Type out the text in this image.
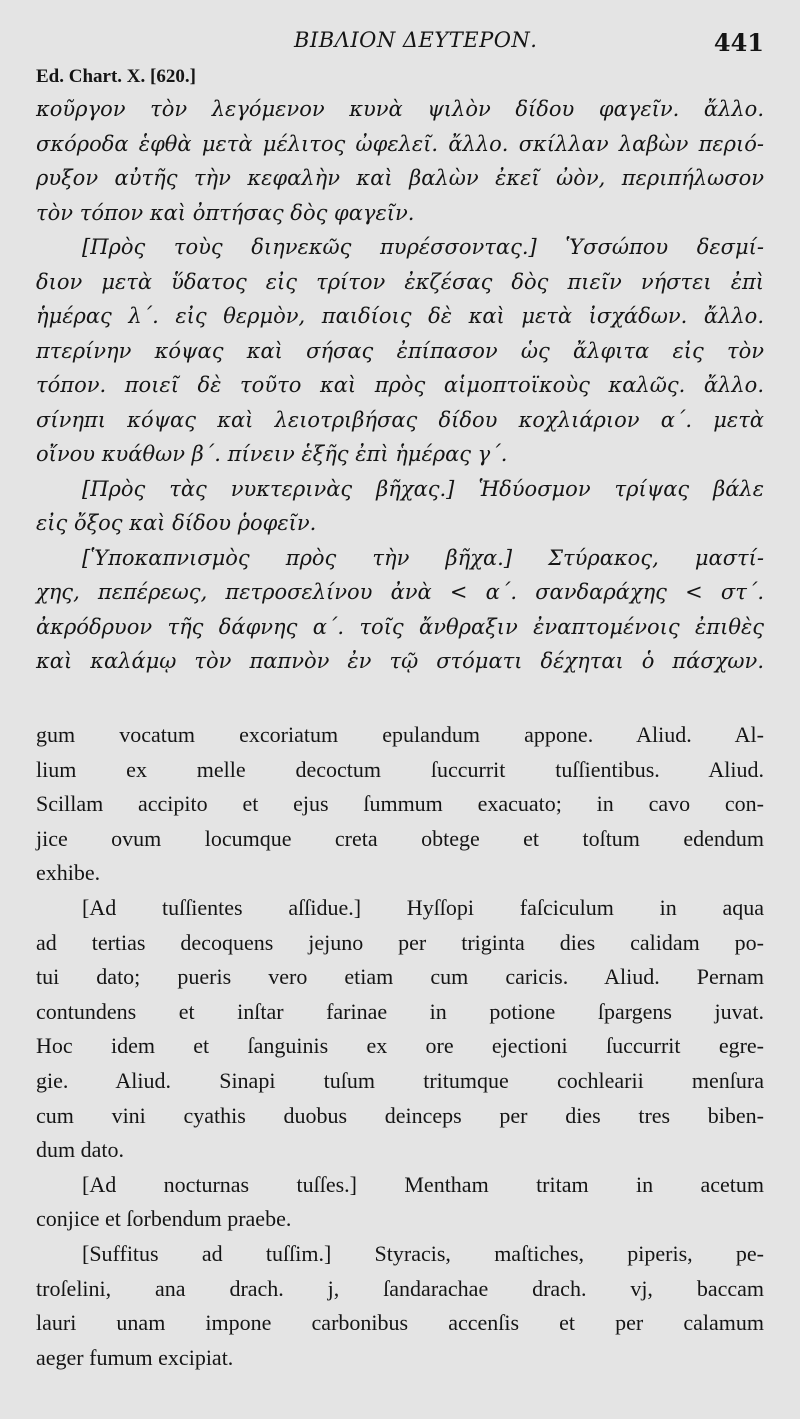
ΒΙΒΛΙΟΝ ΔΕΥΤΕΡΟΝ.	441
Ed. Chart. X. [620.]
κοῦργον τὸν λεγόμενον κυνὰ ψιλὸν δίδου φαγεῖν. ἄλλο.
σκόροδα ἑφθὰ μετὰ μέλιτος ὠφελεῖ. ἄλλο. σκίλλαν λαβὼν περιό-
ρυξον αὐτῆς τὴν κεφαλὴν καὶ βαλὼν ἐκεῖ ὠὸν, περιπήλωσον
τὸν τόπον καὶ ὀπτήσας δὸς φαγεῖν.
[Πρὸς τοὺς διηνεκῶς πυρέσσοντας.] Ὑσσώπου δεσμί-
διον μετὰ ὕδατος εἰς τρίτον ἐκζέσας δὸς πιεῖν νήστει ἐπὶ
ἡμέρας λ΄. εἰς θερμὸν, παιδίοις δὲ καὶ μετὰ ἰσχάδων. ἄλλο.
πτερίνην κόψας καὶ σήσας ἐπίπασον ὡς ἄλφιτα εἰς τὸν
τόπον. ποιεῖ δὲ τοῦτο καὶ πρὸς αἱμοπτοϊκοὺς καλῶς. ἄλλο.
σίνηπι κόψας καὶ λειοτριβήσας δίδου κοχλιάριον α΄. μετὰ
οἴνου κυάθων β΄. πίνειν ἑξῆς ἐπὶ ἡμέρας γ΄.
[Πρὸς τὰς νυκτερινὰς βῆχας.] Ἡδύοσμον τρίψας βάλε
εἰς ὄξος καὶ δίδου ῥοφεῖν.
[Ὑποκαπνισμὸς πρὸς τὴν βῆχα.] Στύρακος, μαστί-
χης, πεπέρεως, πετροσελίνου ἀνὰ < α΄. σανδαράχης < στ΄.
ἀκρόδρυον τῆς δάφνης α΄. τοῖς ἄνθραξιν ἐναπτομένοις ἐπιθὲς
καὶ καλάμῳ τὸν παπνὸν ἐν τῷ στόματι δέχηται ὁ πάσχων.
gum vocatum excoriatum epulandum appone. Aliud. Al-
lium ex melle decoctum ſuccurrit tuſſientibus. Aliud.
Scillam accipito et ejus ſummum exacuato; in cavo con-
jice ovum locumque creta obtege et toſtum edendum
exhibe.
[Ad tuſſientes aſſidue.] Hyſſopi faſciculum in aqua
ad tertias decoquens jejuno per triginta dies calidam po-
tui dato; pueris vero etiam cum caricis. Aliud. Pernam
contundens et inſtar farinae in potione ſpargens juvat.
Hoc idem et ſanguinis ex ore ejectioni ſuccurrit egre-
gie. Aliud. Sinapi tuſum tritumque cochlearii menſura
cum vini cyathis duobus deinceps per dies tres biben-
dum dato.
[Ad nocturnas tuſſes.] Mentham tritam in acetum
conjice et ſorbendum praebe.
[Suffitus ad tuſſim.] Styracis, maſtiches, piperis, pe-
troſelini, ana drach. j, ſandarachae drach. vj, baccam
lauri unam impone carbonibus accenſis et per calamum
aeger fumum excipiat.
